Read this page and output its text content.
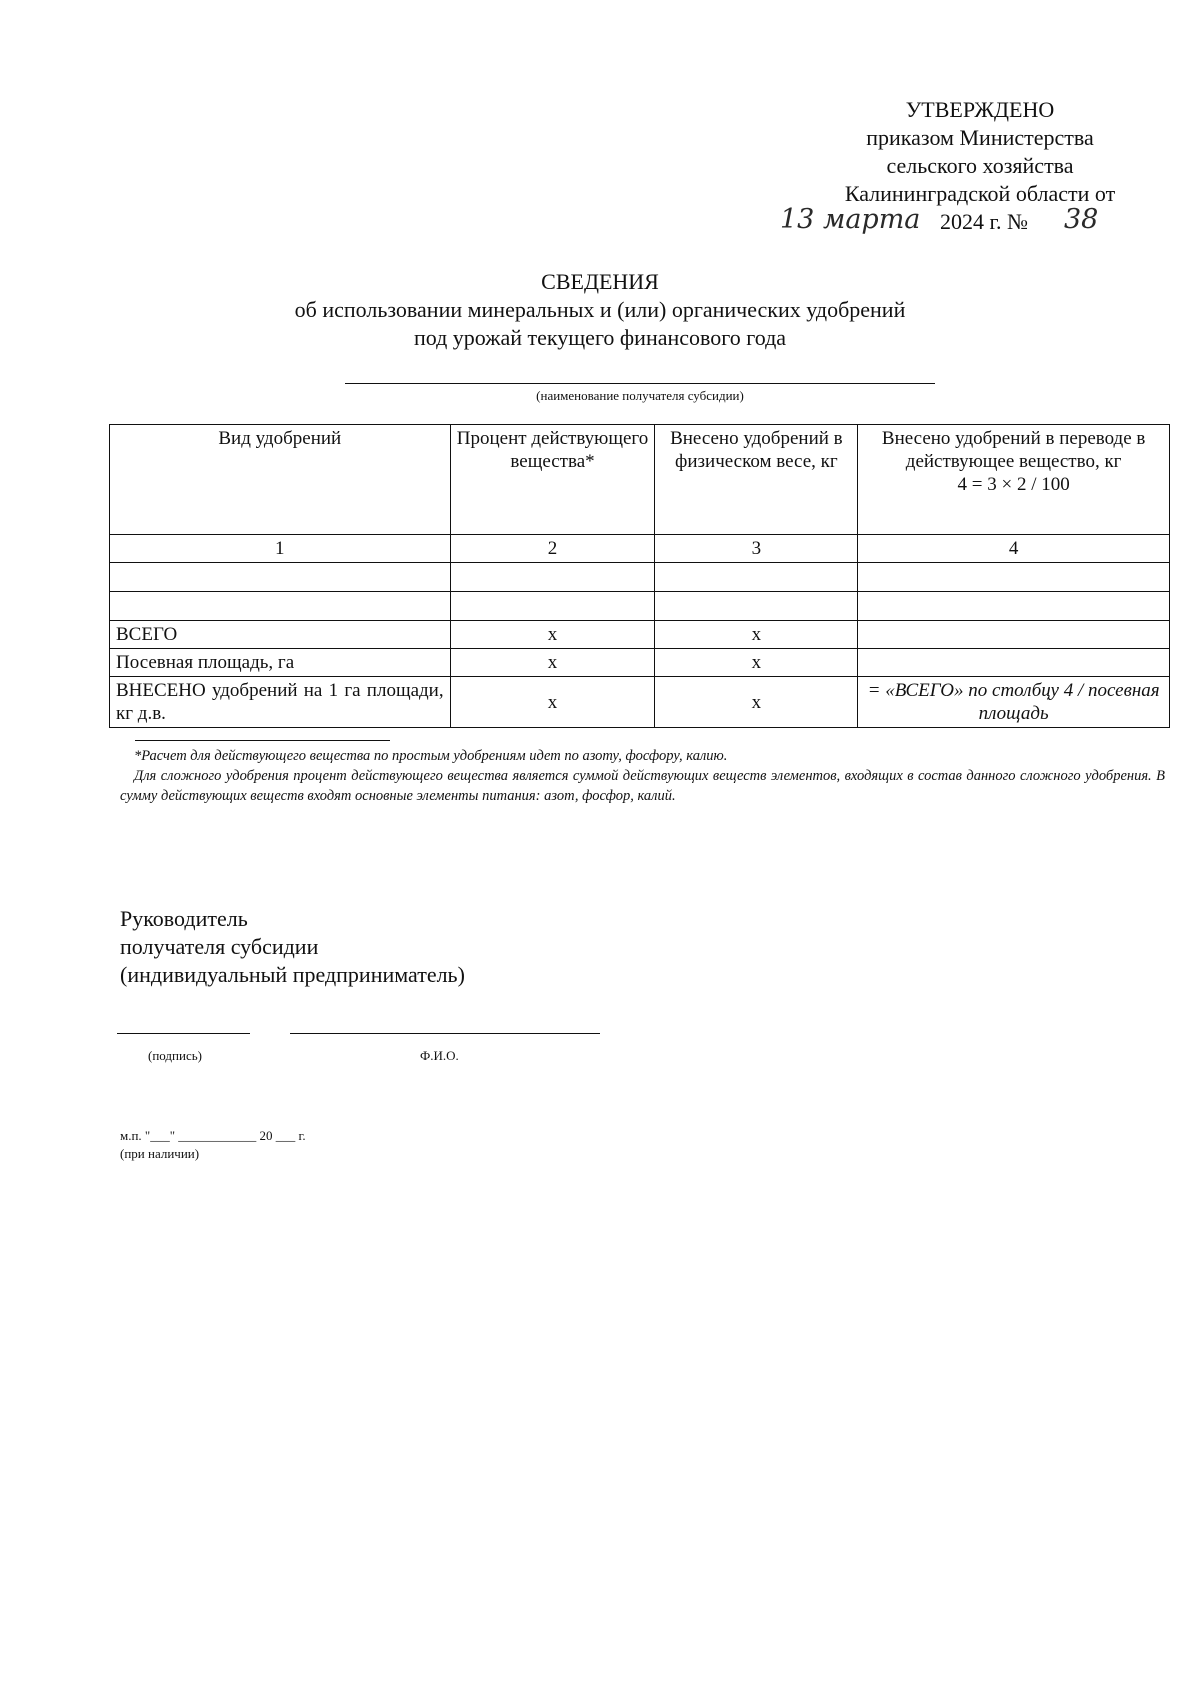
УТВЕРЖДЕНО
приказом Министерства
сельского хозяйства
Калининградской области от
13 марта 2024 г. № 38
СВЕДЕНИЯ
об использовании минеральных и (или) органических удобрений
под урожай текущего финансового года
(наименование получателя субсидии)
Вид удобрений	Процент действующего вещества*	Внесено удобрений в физическом весе, кг	Внесено удобрений в переводе в действующее вещество, кг
4 = 3 × 2 / 100
1	2	3	4

ВСЕГО	х	х	
Посевная площадь, га	х	х	
ВНЕСЕНО удобрений на 1 га площади, кг д.в.	х	х	= «ВСЕГО» по столбцу 4 / посевная площадь
*Расчет для действующего вещества по простым удобрениям идет по азоту, фосфору, калию.
Для сложного удобрения процент действующего вещества является суммой действующих веществ элементов, входящих в состав данного сложного удобрения. В сумму действующих веществ входят основные элементы питания: азот, фосфор, калий.
Руководитель
получателя субсидии
(индивидуальный предприниматель)
(подпись)	Ф.И.О.
м.п. "___" ____________ 20 ___ г.
(при наличии)
